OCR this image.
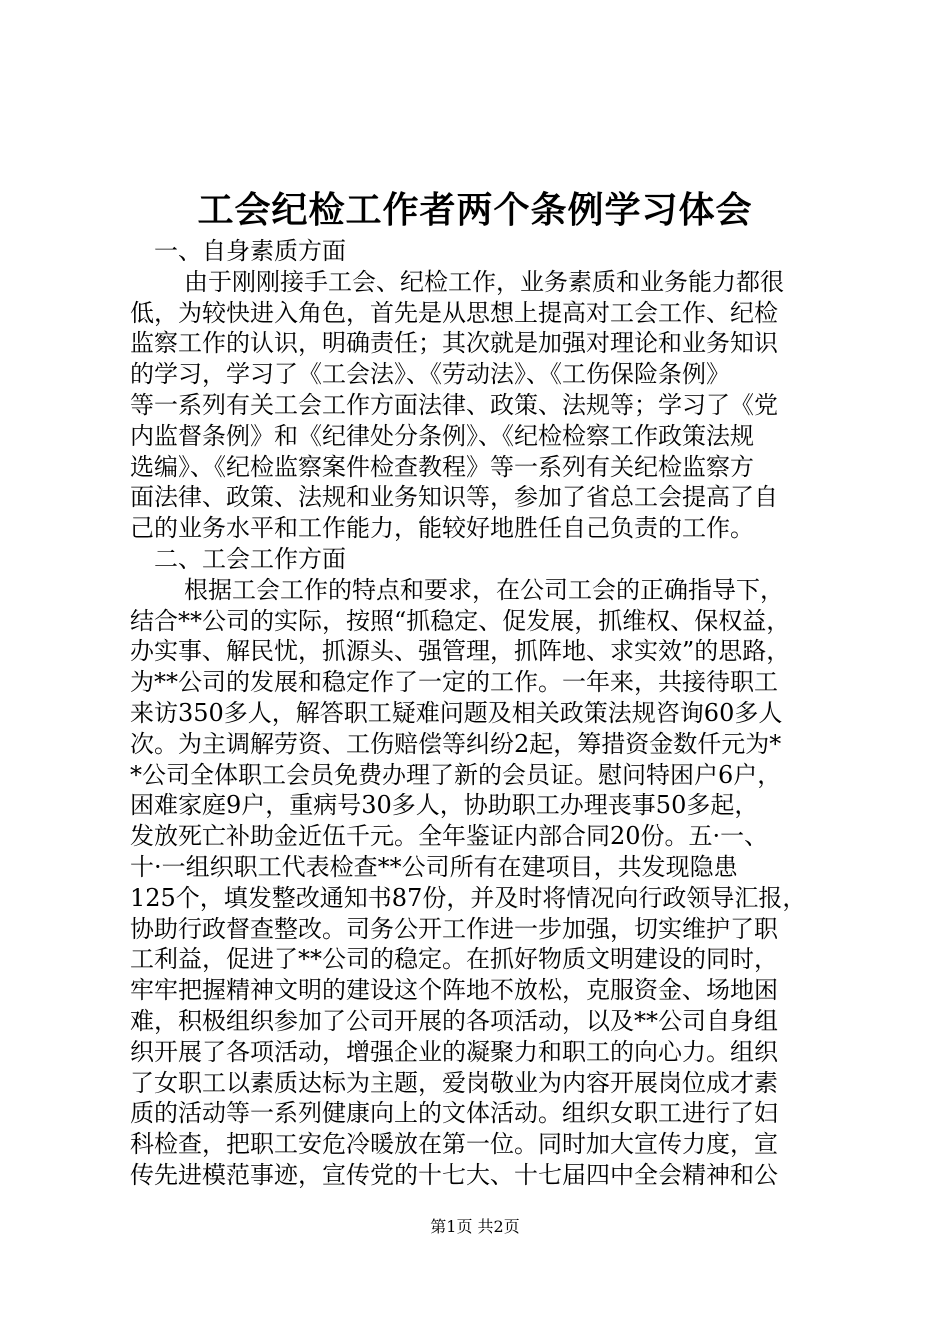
工会纪检工作者两个条例学习体会
一、自身素质方面
由于刚刚接手工会、纪检工作，业务素质和业务能力都很
低，为较快进入角色，首先是从思想上提高对工会工作、纪检
监察工作的认识，明确责任；其次就是加强对理论和业务知识
的学习，学习了《工会法》、《劳动法》、《工伤保险条例》
等一系列有关工会工作方面法律、政策、法规等；学习了《党
内监督条例》和《纪律处分条例》、《纪检检察工作政策法规
选编》、《纪检监察案件检查教程》等一系列有关纪检监察方
面法律、政策、法规和业务知识等，参加了省总工会提高了自
己的业务水平和工作能力，能较好地胜任自己负责的工作。
二、工会工作方面
根据工会工作的特点和要求，在公司工会的正确指导下，
结合**公司的实际，按照“抓稳定、促发展，抓维权、保权益，
办实事、解民忧，抓源头、强管理，抓阵地、求实效”的思路，
为**公司的发展和稳定作了一定的工作。一年来，共接待职工
来访350多人，解答职工疑难问题及相关政策法规咨询60多人
次。为主调解劳资、工伤赔偿等纠纷2起，筹措资金数仟元为*
*公司全体职工会员免费办理了新的会员证。慰问特困户6户，
困难家庭9户，重病号30多人，协助职工办理丧事50多起，
发放死亡补助金近伍千元。全年鉴证内部合同20份。五·一、
十·一组织职工代表检查**公司所有在建项目，共发现隐患
125个，填发整改通知书87份，并及时将情况向行政领导汇报，
协助行政督查整改。司务公开工作进一步加强，切实维护了职
工利益，促进了**公司的稳定。在抓好物质文明建设的同时，
牢牢把握精神文明的建设这个阵地不放松，克服资金、场地困
难，积极组织参加了公司开展的各项活动，以及**公司自身组
织开展了各项活动，增强企业的凝聚力和职工的向心力。组织
了女职工以素质达标为主题，爱岗敬业为内容开展岗位成才素
质的活动等一系列健康向上的文体活动。组织女职工进行了妇
科检查，把职工安危冷暖放在第一位。同时加大宣传力度，宣
传先进模范事迹，宣传党的十七大、十七届四中全会精神和公
第1页 共2页
